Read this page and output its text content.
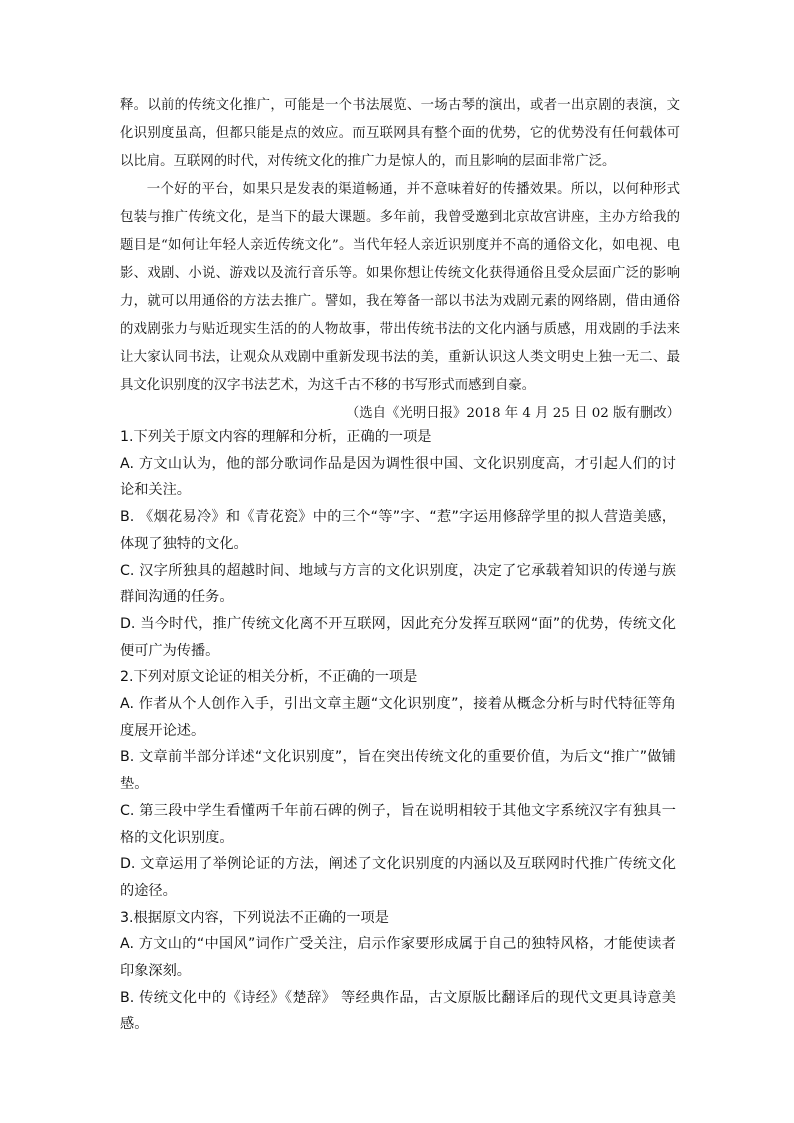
释。以前的传统文化推广，可能是一个书法展览、一场古琴的演出，或者一出京剧的表演，文化识别度虽高，但都只能是点的效应。而互联网具有整个面的优势，它的优势没有任何载体可以比肩。互联网的时代，对传统文化的推广力是惊人的，而且影响的层面非常广泛。

一个好的平台，如果只是发表的渠道畅通，并不意味着好的传播效果。所以，以何种形式包装与推广传统文化，是当下的最大课题。多年前，我曾受邀到北京故宫讲座，主办方给我的题目是“如何让年轻人亲近传统文化”。当代年轻人亲近识别度并不高的通俗文化，如电视、电影、戏剧、小说、游戏以及流行音乐等。如果你想让传统文化获得通俗且受众层面广泛的影响力，就可以用通俗的方法去推广。譬如，我在筹备一部以书法为戏剧元素的网络剧，借由通俗的戏剧张力与贴近现实生活的的人物故事，带出传统书法的文化内涵与质感，用戏剧的手法来让大家认同书法，让观众从戏剧中重新发现书法的美，重新认识这人类文明史上独一无二、最具文化识别度的汉字书法艺术，为这千古不移的书写形式而感到自豪。

（选自《光明日报》2018 年 4 月 25 日 02 版有删改）

1.下列关于原文内容的理解和分析，正确的一项是

A. 方文山认为，他的部分歌词作品是因为调性很中国、文化识别度高，才引起人们的讨论和关注。

B. 《烟花易冷》和《青花瓷》中的三个“等”字、“惹”字运用修辞学里的拟人营造美感，体现了独特的文化。

C. 汉字所独具的超越时间、地域与方言的文化识别度，决定了它承载着知识的传递与族群间沟通的任务。

D. 当今时代，推广传统文化离不开互联网，因此充分发挥互联网“面”的优势，传统文化便可广为传播。

2.下列对原文论证的相关分析，不正确的一项是

A. 作者从个人创作入手，引出文章主题“文化识别度”，接着从概念分析与时代特征等角度展开论述。

B. 文章前半部分详述“文化识别度”，旨在突出传统文化的重要价值，为后文“推广”做铺垫。

C. 第三段中学生看懂两千年前石碑的例子，旨在说明相较于其他文字系统汉字有独具一格的文化识别度。

D. 文章运用了举例论证的方法，阐述了文化识别度的内涵以及互联网时代推广传统文化的途径。

3.根据原文内容，下列说法不正确的一项是

A. 方文山的“中国风”词作广受关注，启示作家要形成属于自己的独特风格，才能使读者印象深刻。

B. 传统文化中的《诗经》《楚辞》 等经典作品，古文原版比翻译后的现代文更具诗意美感。
